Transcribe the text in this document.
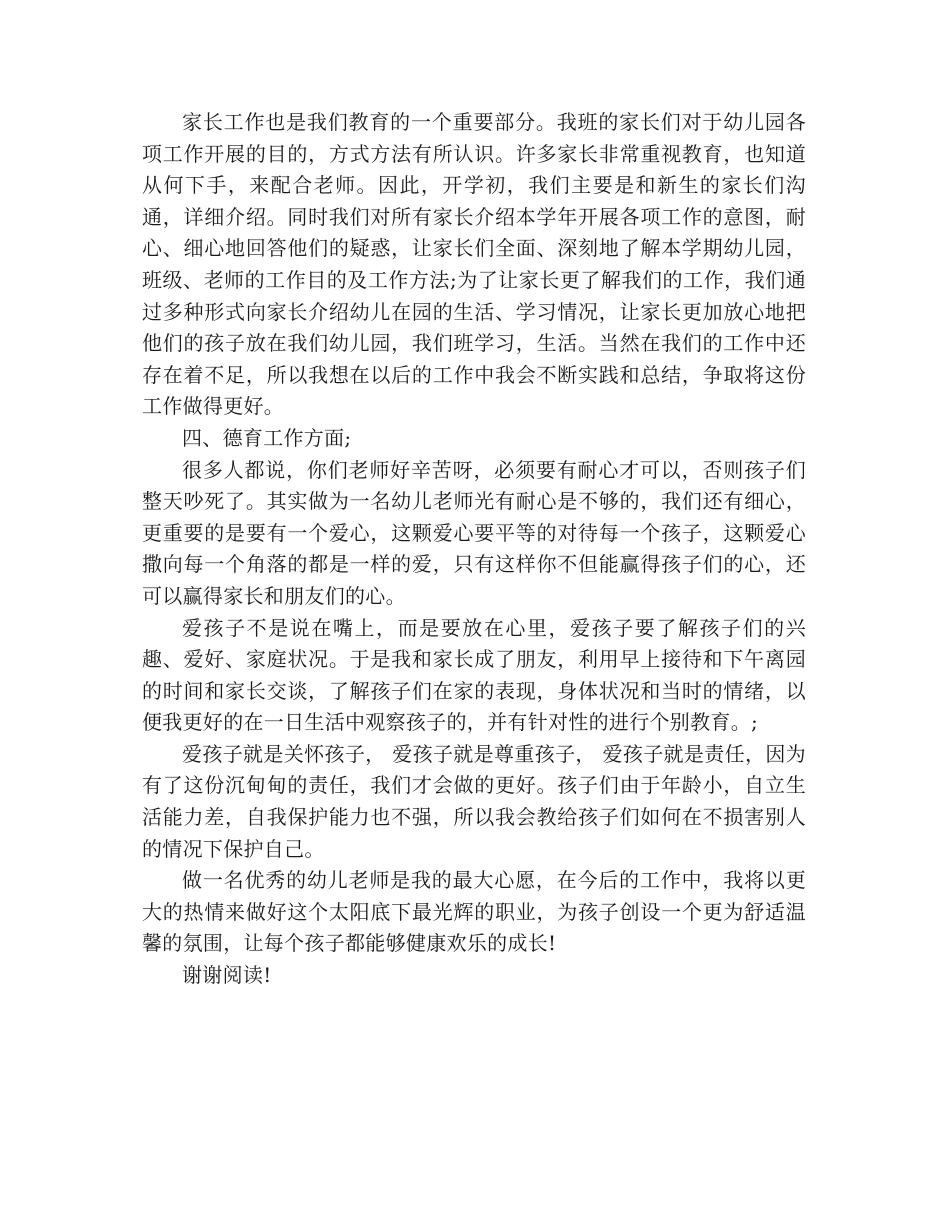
家长工作也是我们教育的一个重要部分。我班的家长们对于幼儿园各项工作开展的目的，方式方法有所认识。许多家长非常重视教育，也知道从何下手，来配合老师。因此，开学初，我们主要是和新生的家长们沟通，详细介绍。同时我们对所有家长介绍本学年开展各项工作的意图，耐心、细心地回答他们的疑惑，让家长们全面、深刻地了解本学期幼儿园，班级、老师的工作目的及工作方法;为了让家长更了解我们的工作，我们通过多种形式向家长介绍幼儿在园的生活、学习情况，让家长更加放心地把他们的孩子放在我们幼儿园，我们班学习，生活。当然在我们的工作中还存在着不足，所以我想在以后的工作中我会不断实践和总结，争取将这份工作做得更好。

四、德育工作方面;

很多人都说，你们老师好辛苦呀，必须要有耐心才可以，否则孩子们整天吵死了。其实做为一名幼儿老师光有耐心是不够的，我们还有细心，更重要的是要有一个爱心，这颗爱心要平等的对待每一个孩子，这颗爱心撒向每一个角落的都是一样的爱，只有这样你不但能赢得孩子们的心，还可以赢得家长和朋友们的心。

爱孩子不是说在嘴上，而是要放在心里，爱孩子要了解孩子们的兴趣、爱好、家庭状况。于是我和家长成了朋友，利用早上接待和下午离园的时间和家长交谈，了解孩子们在家的表现，身体状况和当时的情绪，以便我更好的在一日生活中观察孩子的，并有针对性的进行个别教育。;

爱孩子就是关怀孩子， 爱孩子就是尊重孩子， 爱孩子就是责任，因为有了这份沉甸甸的责任，我们才会做的更好。孩子们由于年龄小，自立生活能力差，自我保护能力也不强，所以我会教给孩子们如何在不损害别人的情况下保护自己。

做一名优秀的幼儿老师是我的最大心愿，在今后的工作中，我将以更大的热情来做好这个太阳底下最光辉的职业，为孩子创设一个更为舒适温馨的氛围，让每个孩子都能够健康欢乐的成长!

谢谢阅读!
